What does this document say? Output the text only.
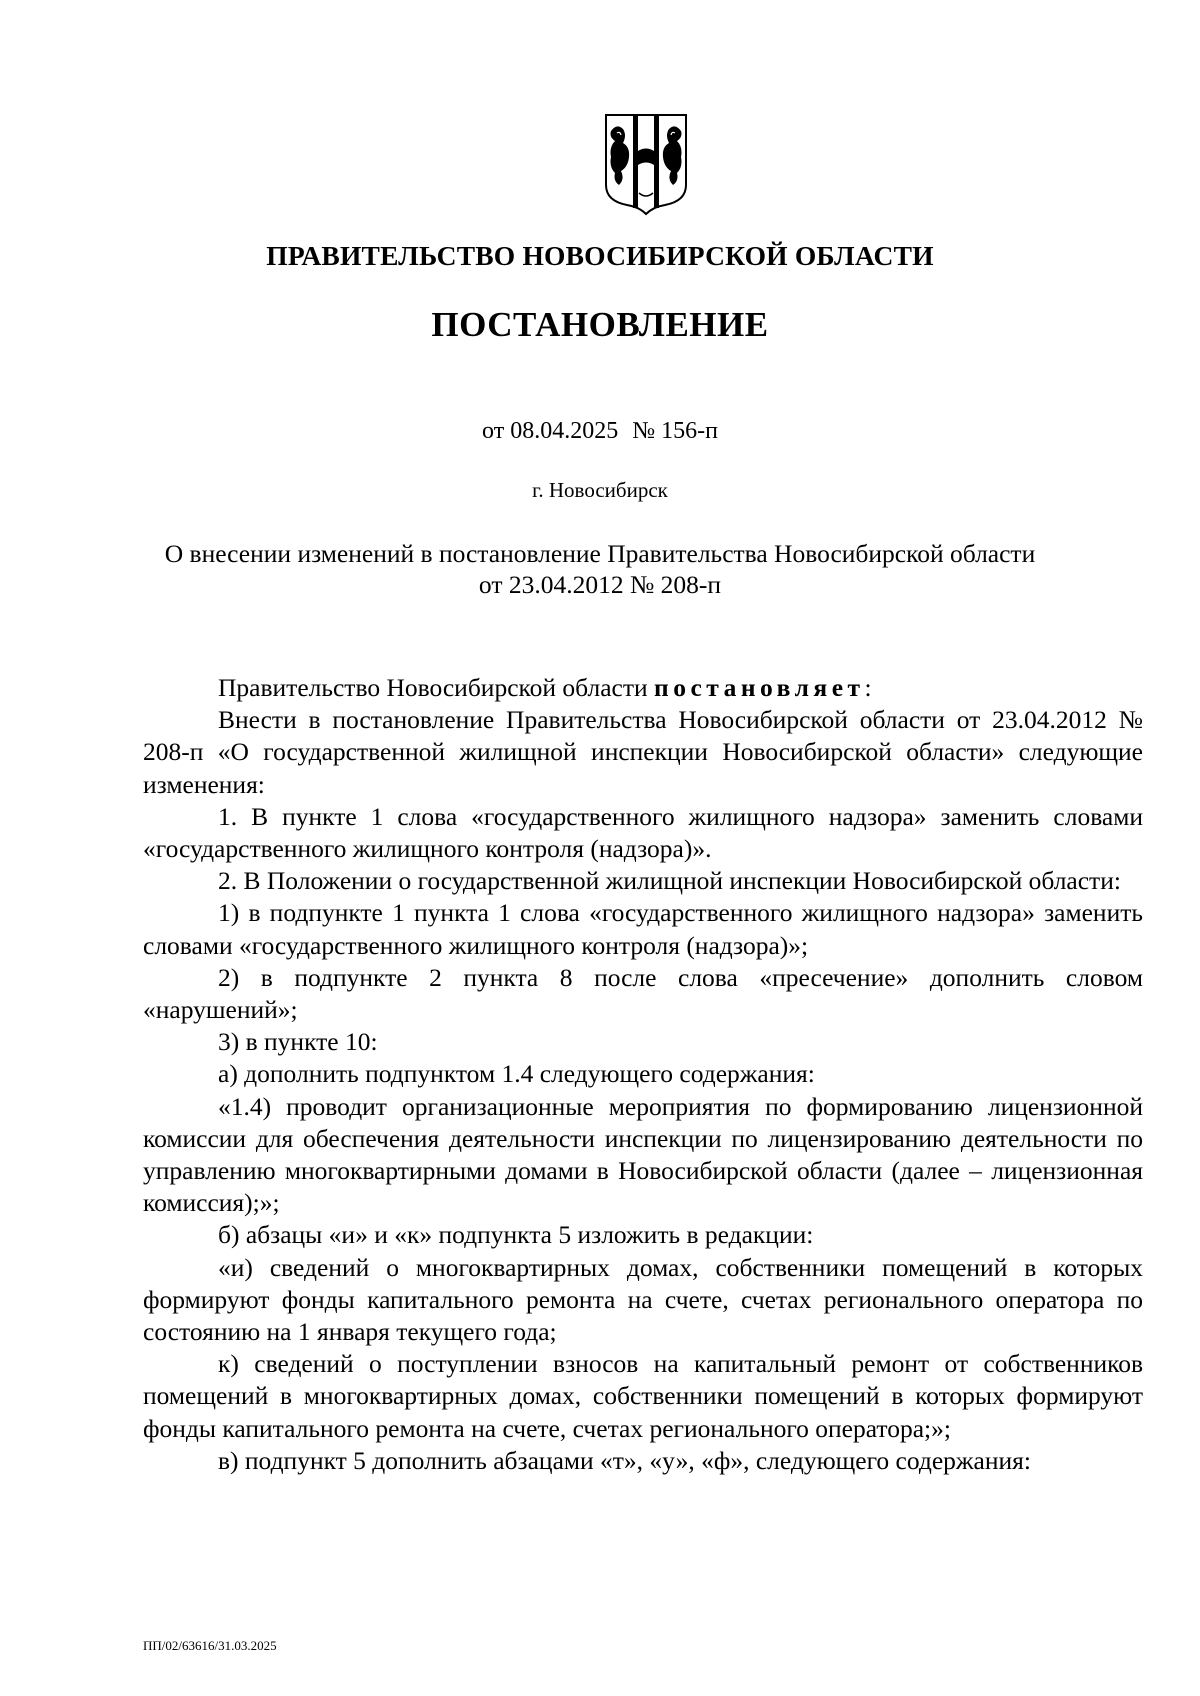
ПРАВИТЕЛЬСТВО НОВОСИБИРСКОЙ ОБЛАСТИ
ПОСТАНОВЛЕНИЕ
от 08.04.2025 № 156-п
г. Новосибирск
О внесении изменений в постановление Правительства Новосибирской области
от 23.04.2012 № 208-п

Правительство Новосибирской области постановляет:

Внести в постановление Правительства Новосибирской области от 23.04.2012 № 208-п «О государственной жилищной инспекции Новосибирской области» следующие изменения:

1. В пункте 1 слова «государственного жилищного надзора» заменить словами «государственного жилищного контроля (надзора)».

2. В Положении о государственной жилищной инспекции Новосибирской области:

1) в подпункте 1 пункта 1 слова «государственного жилищного надзора» заменить словами «государственного жилищного контроля (надзора)»;

2) в подпункте 2 пункта 8 после слова «пресечение» дополнить словом «нарушений»;

3) в пункте 10:

а) дополнить подпунктом 1.4 следующего содержания:

«1.4) проводит организационные мероприятия по формированию лицензионной комиссии для обеспечения деятельности инспекции по лицензированию деятельности по управлению многоквартирными домами в Новосибирской области (далее – лицензионная комиссия);»;

б) абзацы «и» и «к» подпункта 5 изложить в редакции:

«и) сведений о многоквартирных домах, собственники помещений в которых формируют фонды капитального ремонта на счете, счетах регионального оператора по состоянию на 1 января текущего года;

к) сведений о поступлении взносов на капитальный ремонт от собственников помещений в многоквартирных домах, собственники помещений в которых формируют фонды капитального ремонта на счете, счетах регионального оператора;»;

в) подпункт 5 дополнить абзацами «т», «у», «ф», следующего содержания:

ПП/02/63616/31.03.2025
